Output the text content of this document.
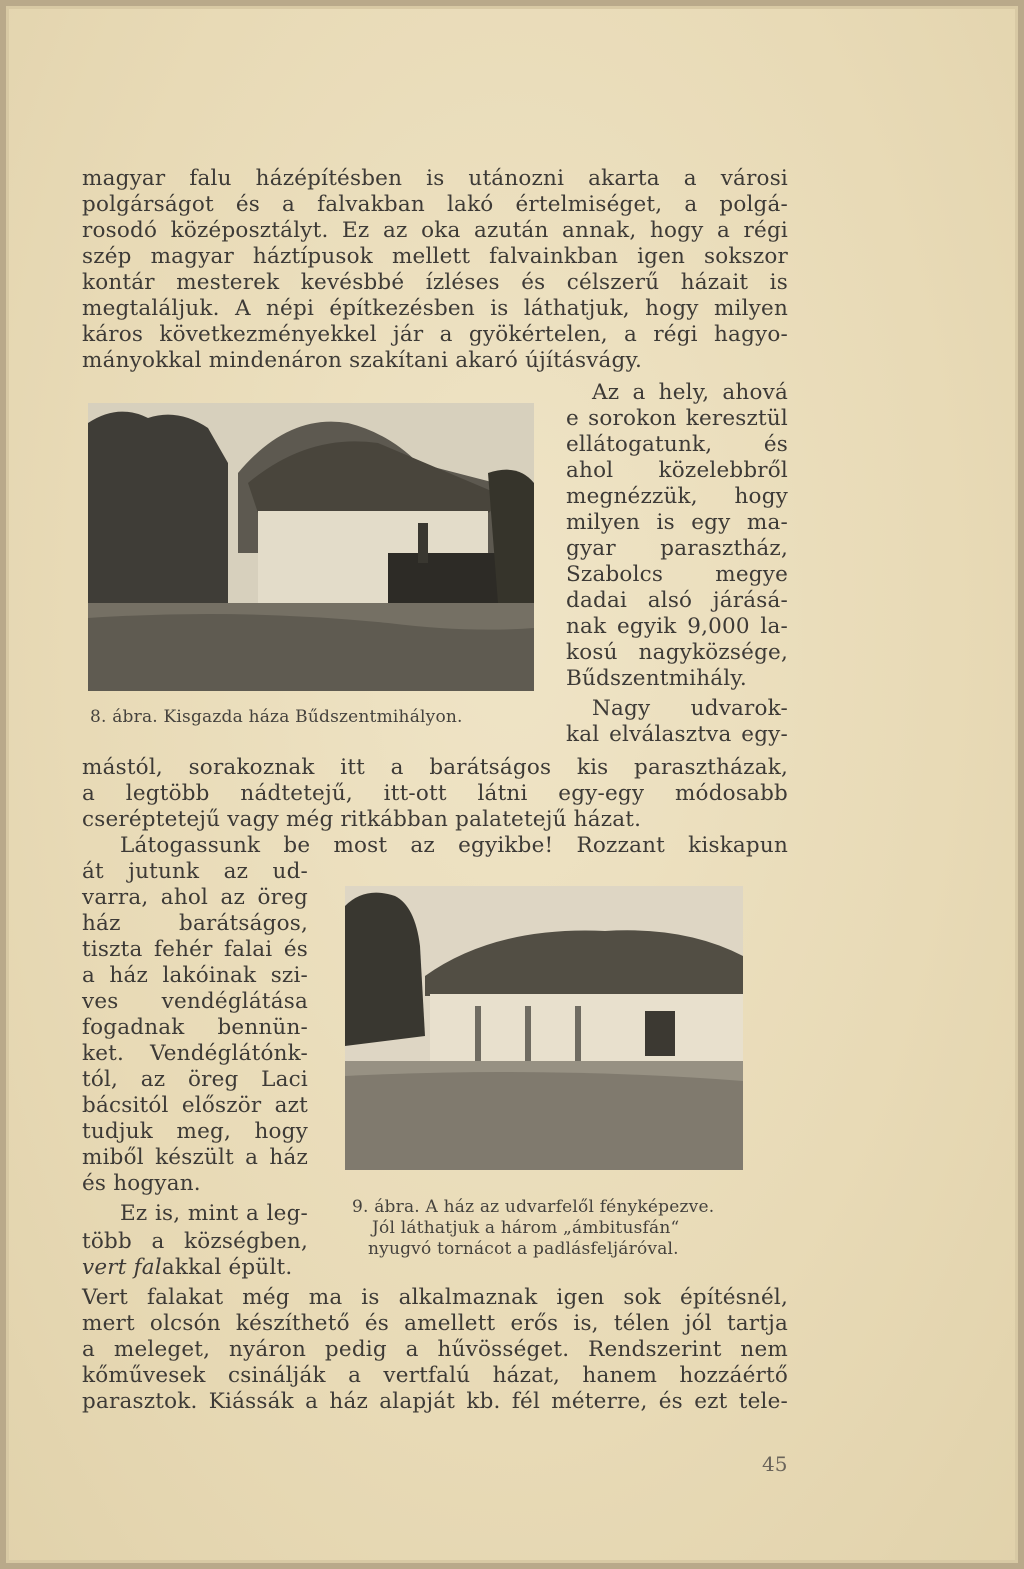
magyar falu házépítésben is utánozni akarta a városi
polgárságot és a falvakban lakó értelmiséget, a polgá-
rosodó középosztályt. Ez az oka azután annak, hogy a régi
szép magyar háztípusok mellett falvainkban igen sokszor
kontár mesterek kevésbbé ízléses és célszerű házait is
megtaláljuk. A népi építkezésben is láthatjuk, hogy milyen
káros következményekkel jár a gyökértelen, a régi hagyo-
mányokkal mindenáron szakítani akaró újításvágy.
Az a hely, ahová
e sorokon keresztül
ellátogatunk, és
ahol közelebbről
megnézzük, hogy
milyen is egy ma-
gyar parasztház,
Szabolcs megye
dadai alsó járásá-
nak egyik 9,000 la-
kosú nagyközsége,
Bűdszentmihály.
Nagy udvarok-
kal elválasztva egy-
8. ábra. Kisgazda háza Bűdszentmihályon.
mástól, sorakoznak itt a barátságos kis parasztházak,
a legtöbb nádtetejű, itt-ott látni egy-egy módosabb
cseréptetejű vagy még ritkábban palatetejű házat.
Látogassunk be most az egyikbe! Rozzant kiskapun
át jutunk az ud-
varra, ahol az öreg
ház barátságos,
tiszta fehér falai és
a ház lakóinak szi-
ves vendéglátása
fogadnak bennün-
ket. Vendéglátónk-
tól, az öreg Laci
bácsitól először azt
tudjuk meg, hogy
miből készült a ház
és hogyan.
Ez is, mint a leg-
több a községben,
vert falakkal épült.
9. ábra. A ház az udvarfelől fényképezve.
Jól láthatjuk a három „ámbitusfán“
nyugvó tornácot a padlásfeljáróval.
Vert falakat még ma is alkalmaznak igen sok építésnél,
mert olcsón készíthető és amellett erős is, télen jól tartja
a meleget, nyáron pedig a hűvösséget. Rendszerint nem
kőművesek csinálják a vertfalú házat, hanem hozzáértő
parasztok. Kiássák a ház alapját kb. fél méterre, és ezt tele-
45
